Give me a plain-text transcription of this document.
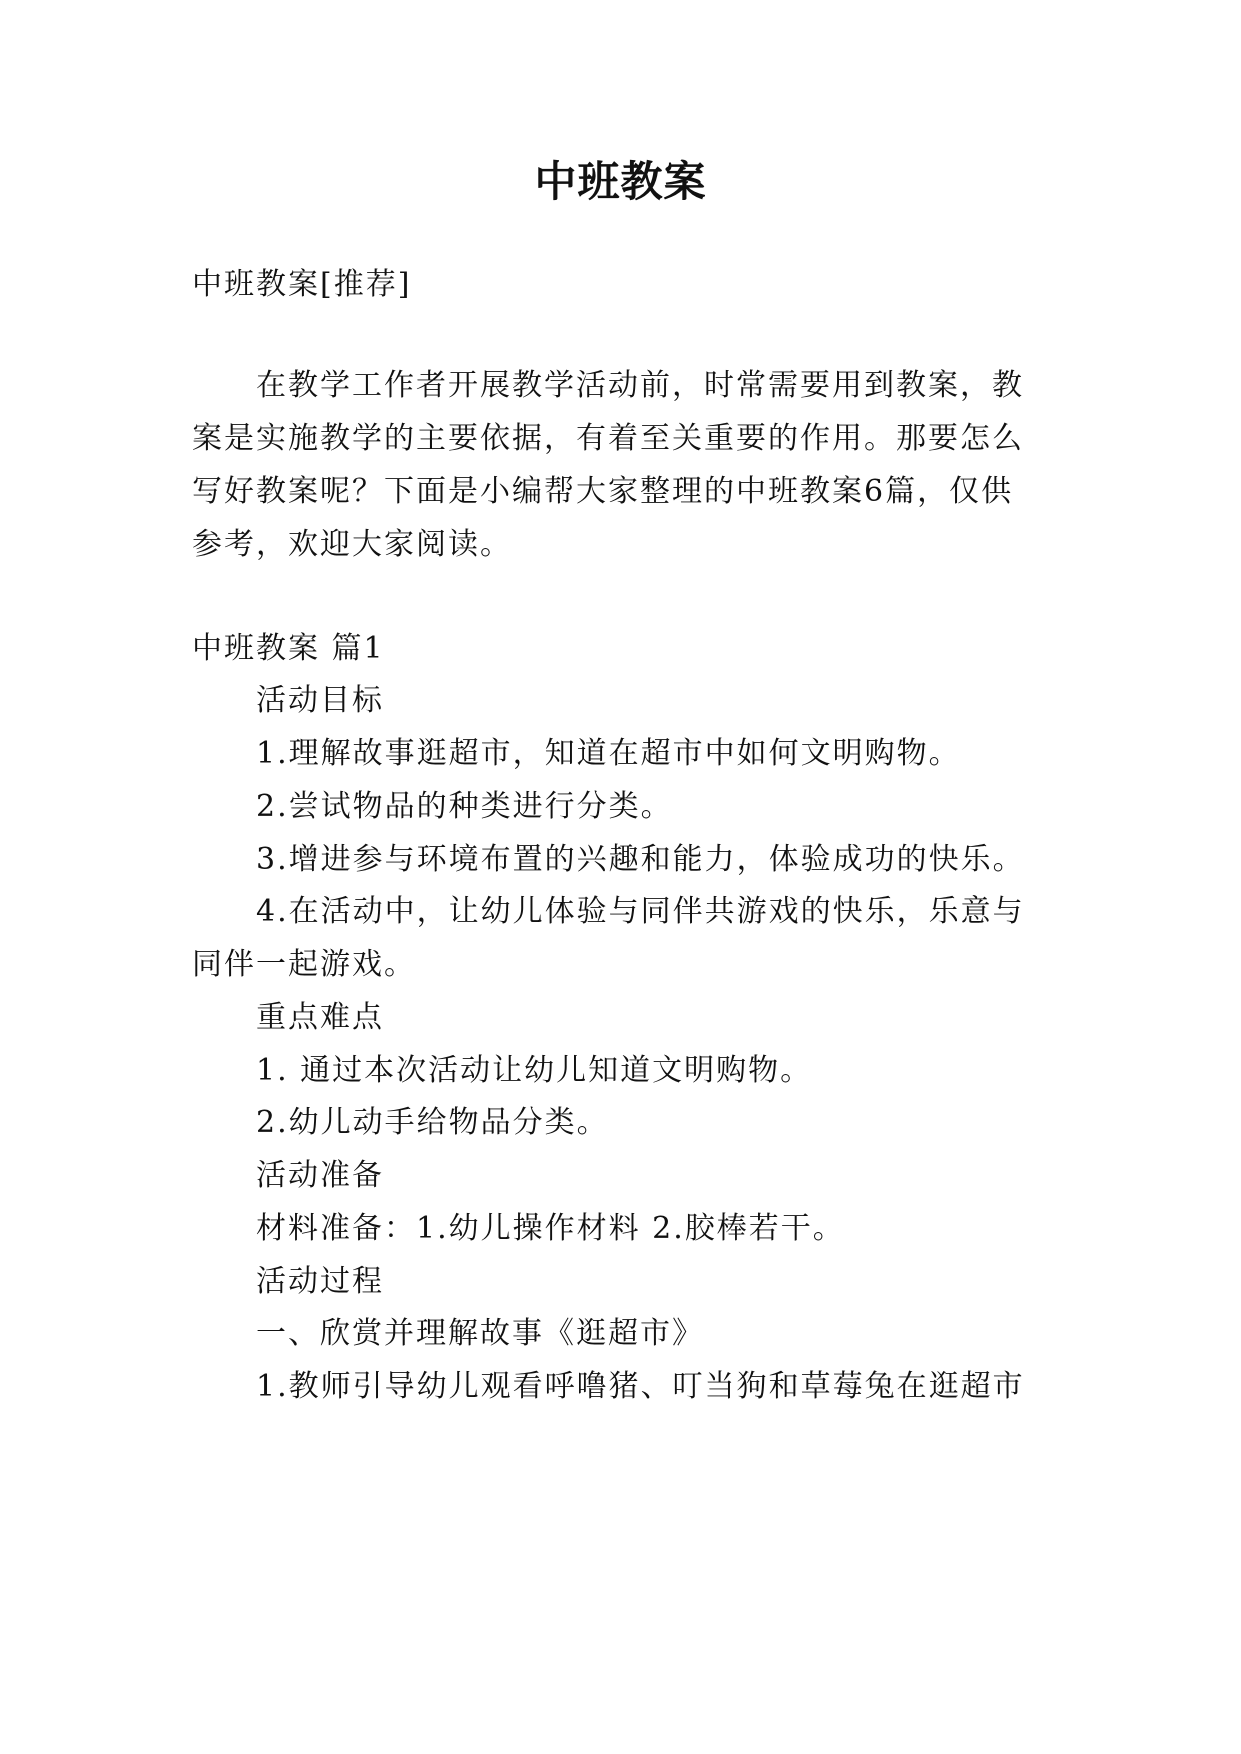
中班教案
中班教案[推荐]
在教学工作者开展教学活动前，时常需要用到教案，教
案是实施教学的主要依据，有着至关重要的作用。那要怎么
写好教案呢？下面是小编帮大家整理的中班教案6篇，仅供
参考，欢迎大家阅读。
中班教案 篇1
活动目标
1.理解故事逛超市，知道在超市中如何文明购物。
2.尝试物品的种类进行分类。
3.增进参与环境布置的兴趣和能力，体验成功的快乐。
4.在活动中，让幼儿体验与同伴共游戏的快乐，乐意与
同伴一起游戏。
重点难点
1. 通过本次活动让幼儿知道文明购物。
2.幼儿动手给物品分类。
活动准备
材料准备：1.幼儿操作材料 2.胶棒若干。
活动过程
一、欣赏并理解故事《逛超市》
1.教师引导幼儿观看呼噜猪、叮当狗和草莓兔在逛超市
